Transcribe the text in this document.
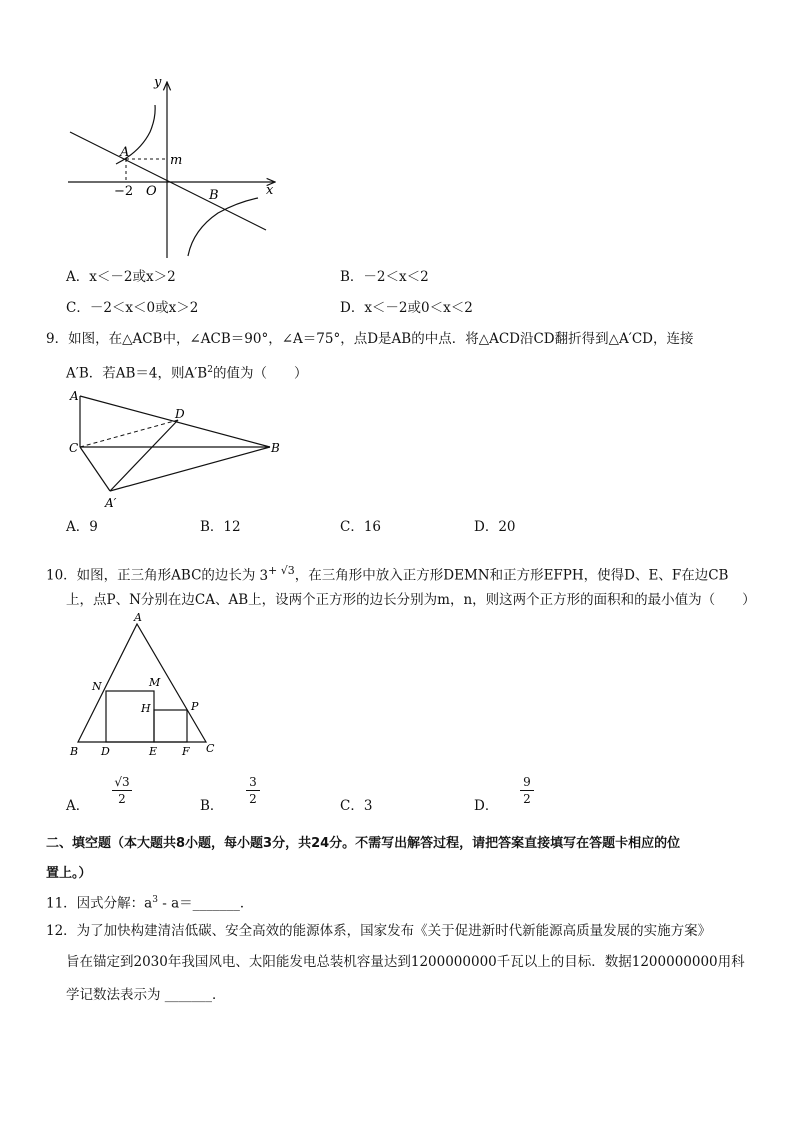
y
x
O
A
B
m
−2
A．x＜－2或x＞2	B．－2＜x＜2
C．－2＜x＜0或x＞2	D．x＜－2或0＜x＜2
9．如图，在△ACB中，∠ACB＝90°，∠A＝75°，点D是AB的中点．将△ACD沿CD翻折得到△A′CD，连接
A′B．若AB＝4，则$A'B^2$的值为（　　）
A
C
D
B
A′
A．9	B．12	C．16	D．20
10．如图，正三角形ABC的边长为 $3^{+ √3}$，在三角形中放入正方形DEMN和正方形EFPH，使得D、E、F在边CB
上，点P、N分别在边CA、AB上，设两个正方形的边长分别为m，n，则这两个正方形的面积和的最小值为（　　）
A
N	M
H	P
B D	E F C
A．
√3
2	B．
3
2	C．3	D．
9
2
二、填空题（本大题共8小题，每小题3分，共24分。不需写出解答过程，请把答案直接填写在答题卡相应的位
置上。）
11．因式分解：$a^3$ - a＝_______．
12．为了加快构建清洁低碳、安全高效的能源体系，国家发布《关于促进新时代新能源高质量发展的实施方案》
旨在锚定到2030年我国风电、太阳能发电总装机容量达到1200000000千瓦以上的目标．数据1200000000用科
学记数法表示为 _______．
